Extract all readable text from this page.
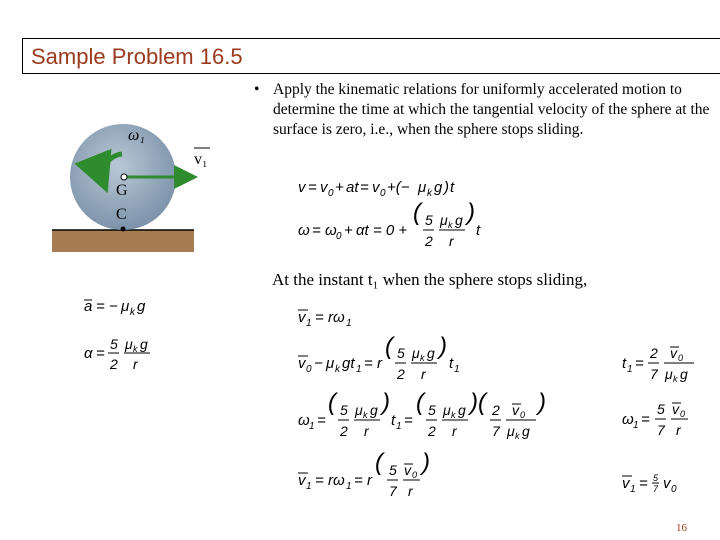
Sample Problem 16.5
• Apply the kinematic relations for uniformly accelerated motion to determine the time at which the tangential velocity of the sphere at the surface is zero, i.e., when the sphere stops sliding.
ω₁
v₁
G
C
a = − μ k g
α =
5
2
μ k g
r
v = v 0 + at = v 0 +(− μ k g ) t
ω = ω 0 + αt = 0 +
( 5
2
μ k g
r
)
t
At the instant t₁ when the sphere stops sliding,
v 1 = rω 1
v 0 − μ k gt 1 = r
( 5
2
μ k g
r
)
t 1	t 1 =
2
7
v 0
μ k g
ω 1 =
( 5
2
μ k g
r
)
t 1 =
( 5
2
μ k g
r
)( 2
7
v 0
μ k g
)
ω 1 =
5
7
v 0
r
v 1 = rω 1 = r
( 5
7
v 0
r
)
v 1 = 5
7 v 0
16
